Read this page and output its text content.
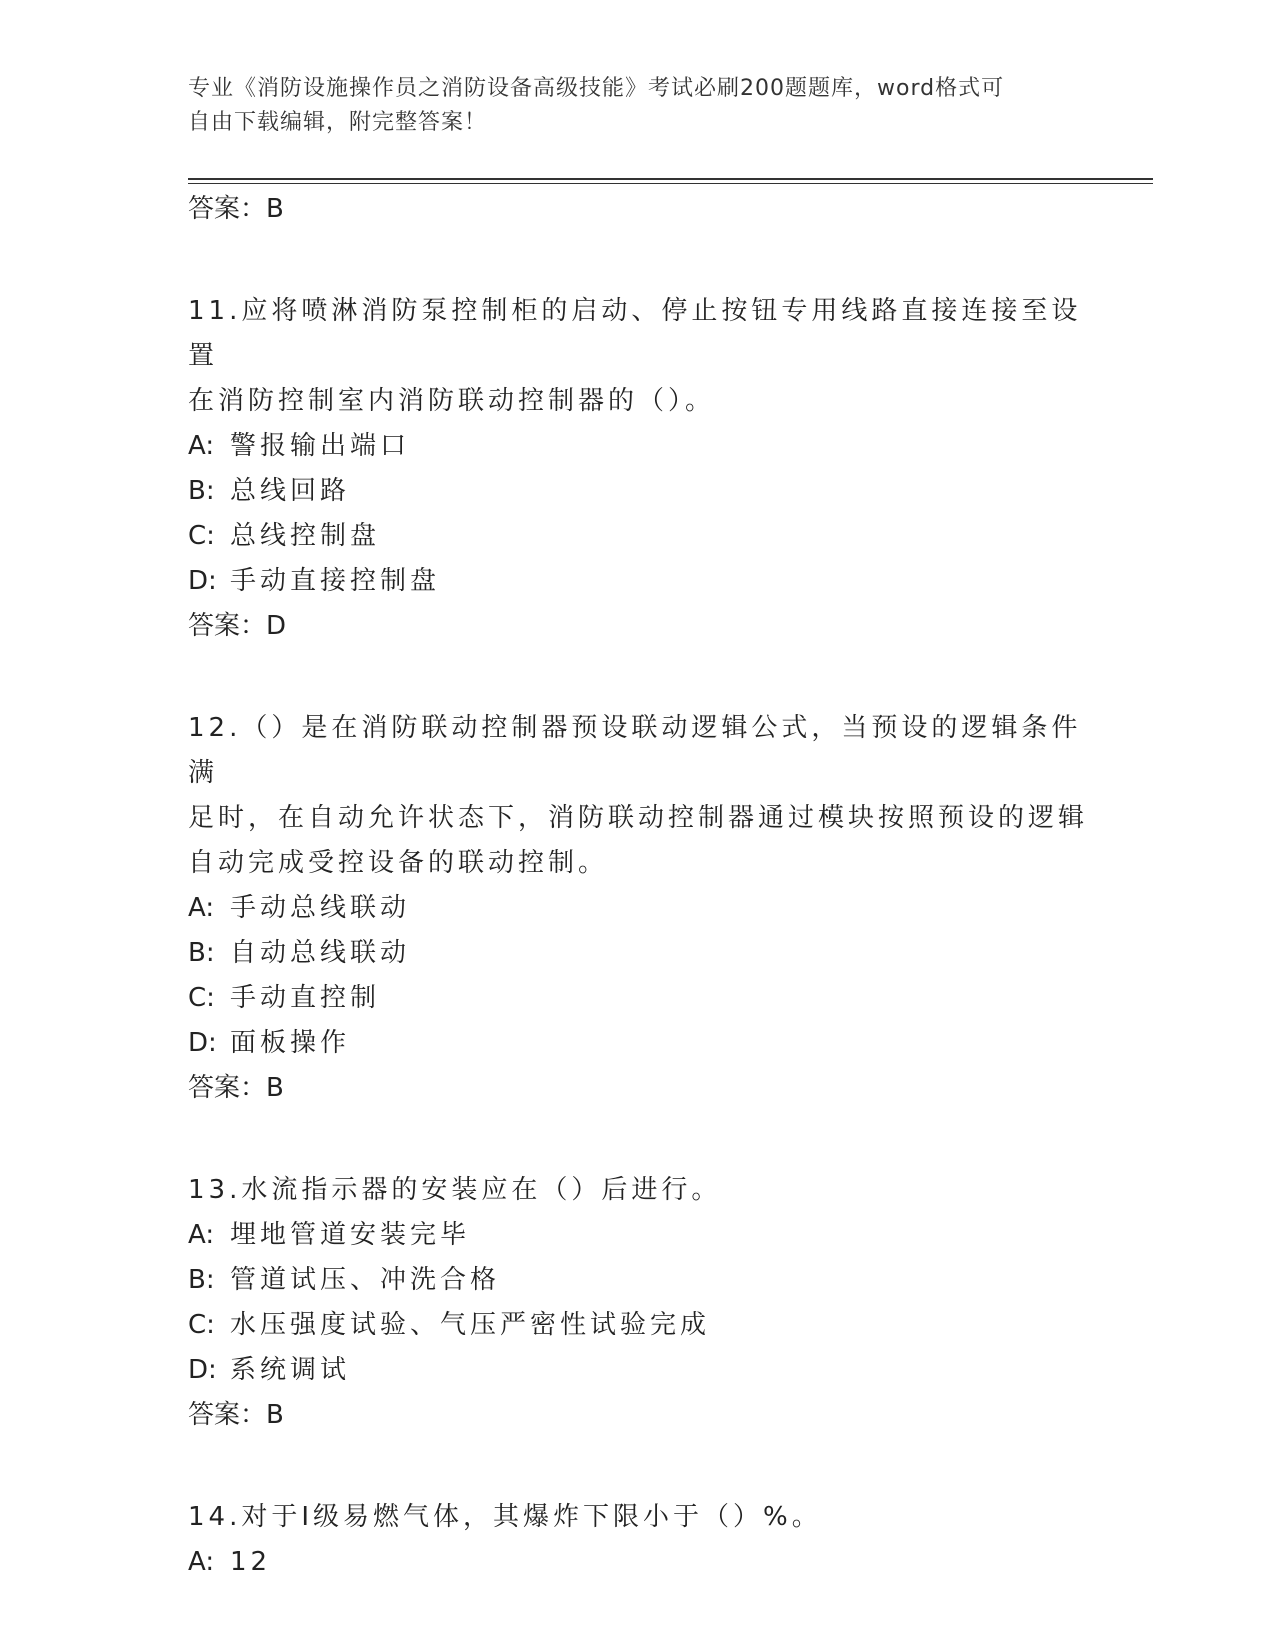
专业《消防设施操作员之消防设备高级技能》考试必刷200题题库，word格式可
自由下载编辑，附完整答案！

答案：B

11.应将喷淋消防泵控制柜的启动、停止按钮专用线路直接连接至设置

在消防控制室内消防联动控制器的（）。

A: 警报输出端口

B: 总线回路

C: 总线控制盘

D: 手动直接控制盘

答案：D

12.（）是在消防联动控制器预设联动逻辑公式，当预设的逻辑条件满

足时，在自动允许状态下，消防联动控制器通过模块按照预设的逻辑

自动完成受控设备的联动控制。

A: 手动总线联动

B: 自动总线联动

C: 手动直控制

D: 面板操作

答案：B

13.水流指示器的安装应在（）后进行。

A: 埋地管道安装完毕

B: 管道试压、冲洗合格

C: 水压强度试验、气压严密性试验完成

D: 系统调试

答案：B

14.对于Ⅰ级易燃气体，其爆炸下限小于（）%。

A: 12
